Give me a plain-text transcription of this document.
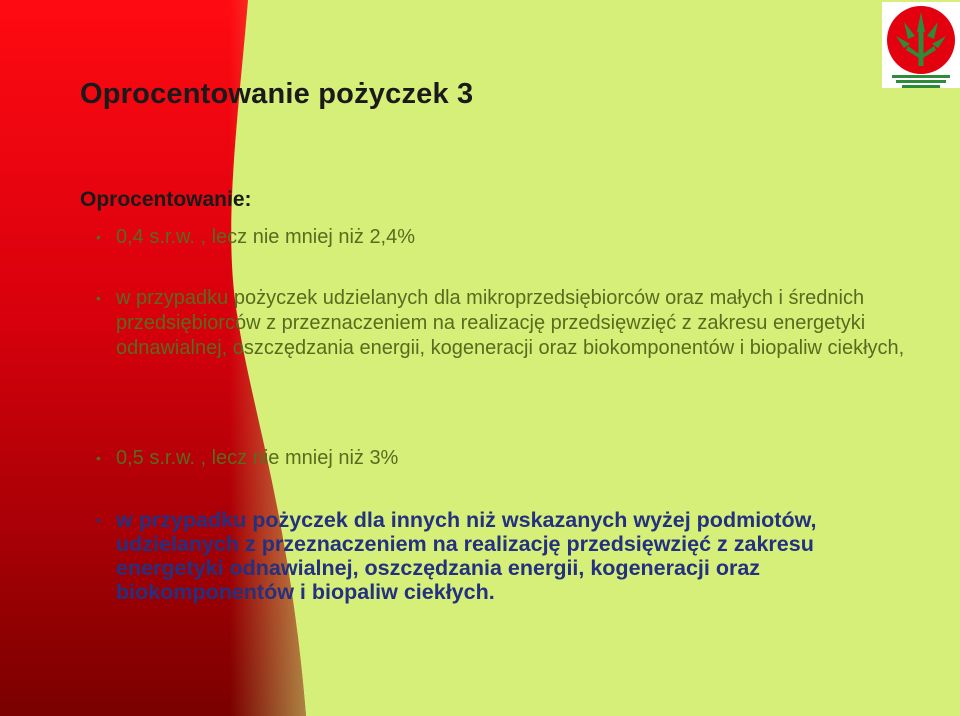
Oprocentowanie pożyczek 3
Oprocentowanie:
• 0,4 s.r.w. , lecz nie mniej niż 2,4%
• w przypadku pożyczek udzielanych dla mikroprzedsiębiorców oraz małych i średnich przedsiębiorców z przeznaczeniem na realizację przedsięwzięć z zakresu energetyki odnawialnej, oszczędzania energii, kogeneracji oraz biokomponentów i biopaliw ciekłych,
• 0,5 s.r.w. , lecz nie mniej niż 3%
• w przypadku pożyczek dla innych niż wskazanych wyżej podmiotów, udzielanych z przeznaczeniem na realizację przedsięwzięć z zakresu energetyki odnawialnej, oszczędzania energii, kogeneracji oraz biokomponentów i biopaliw ciekłych.
